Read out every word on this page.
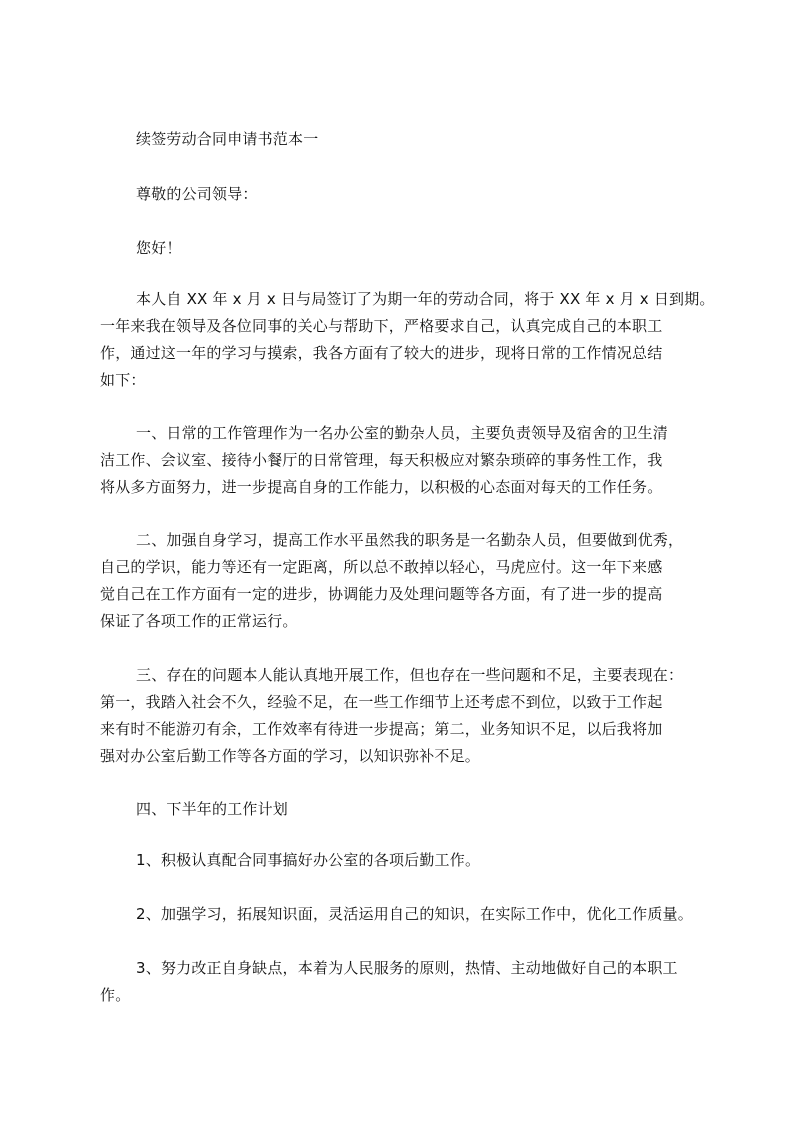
续签劳动合同申请书范本一
尊敬的公司领导：
您好！
本人自 XX 年 x 月 x 日与局签订了为期一年的劳动合同，将于 XX 年 x 月 x 日到期。
一年来我在领导及各位同事的关心与帮助下，严格要求自己，认真完成自己的本职工
作，通过这一年的学习与摸索，我各方面有了较大的进步，现将日常的工作情况总结
如下：
一、日常的工作管理作为一名办公室的勤杂人员，主要负责领导及宿舍的卫生清
洁工作、会议室、接待小餐厅的日常管理，每天积极应对繁杂琐碎的事务性工作，我
将从多方面努力，进一步提高自身的工作能力，以积极的心态面对每天的工作任务。
二、加强自身学习，提高工作水平虽然我的职务是一名勤杂人员，但要做到优秀，
自己的学识，能力等还有一定距离，所以总不敢掉以轻心，马虎应付。这一年下来感
觉自己在工作方面有一定的进步，协调能力及处理问题等各方面，有了进一步的提高
保证了各项工作的正常运行。
三、存在的问题本人能认真地开展工作，但也存在一些问题和不足，主要表现在：
第一，我踏入社会不久，经验不足，在一些工作细节上还考虑不到位，以致于工作起
来有时不能游刃有余，工作效率有待进一步提高；第二，业务知识不足，以后我将加
强对办公室后勤工作等各方面的学习，以知识弥补不足。
四、下半年的工作计划
1、积极认真配合同事搞好办公室的各项后勤工作。
2、加强学习，拓展知识面，灵活运用自己的知识，在实际工作中，优化工作质量。
3、努力改正自身缺点，本着为人民服务的原则，热情、主动地做好自己的本职工
作。
